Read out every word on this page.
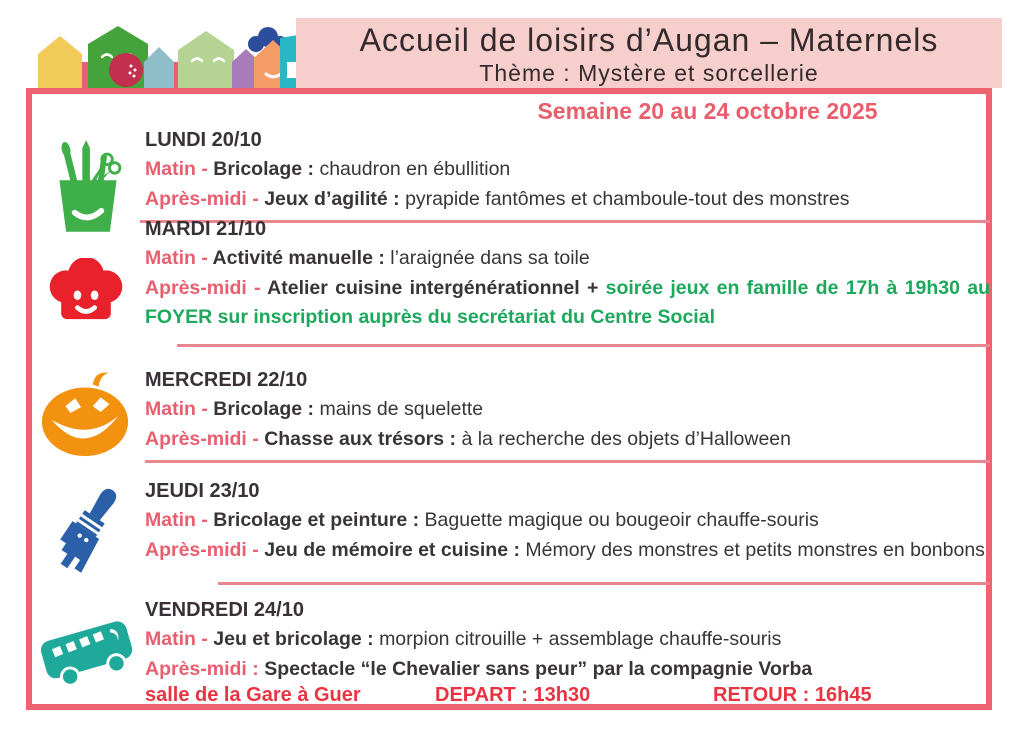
Accueil de loisirs d’Augan – Maternels
Thème : Mystère et sorcellerie
Semaine 20 au 24 octobre 2025
LUNDI 20/10
Matin - Bricolage : chaudron en ébullition
Après-midi - Jeux d’agilité : pyrapide fantômes et chamboule-tout des monstres
MARDI 21/10
Matin - Activité manuelle : l’araignée dans sa toile
Après-midi - Atelier cuisine intergénérationnel + soirée jeux en famille de 17h à 19h30 au FOYER sur inscription auprès du secrétariat du Centre Social
MERCREDI 22/10
Matin - Bricolage : mains de squelette
Après-midi - Chasse aux trésors : à la recherche des objets d’Halloween
JEUDI 23/10
Matin - Bricolage et peinture : Baguette magique ou bougeoir chauffe-souris
Après-midi - Jeu de mémoire et cuisine : Mémory des monstres et petits monstres en bonbons
VENDREDI 24/10
Matin - Jeu et bricolage : morpion citrouille + assemblage chauffe-souris
Après-midi : Spectacle “le Chevalier sans peur” par la compagnie Vorba
salle de la Gare à Guer	DEPART : 13h30	RETOUR : 16h45
